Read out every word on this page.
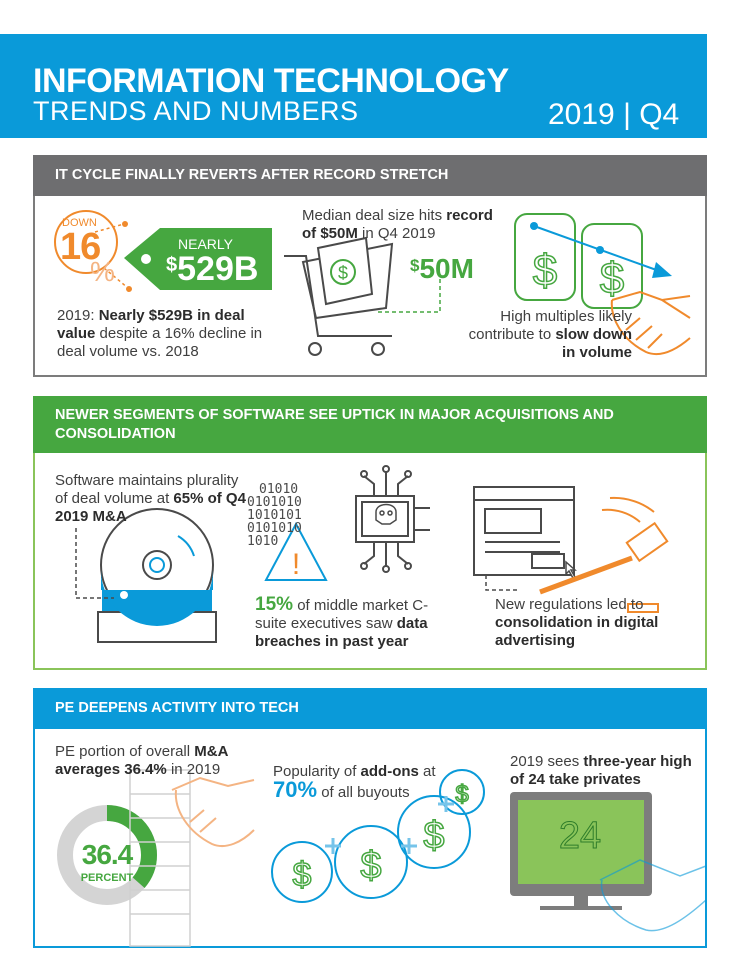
INFORMATION TECHNOLOGY
TRENDS AND NUMBERS	2019 | Q4
IT CYCLE FINALLY REVERTS AFTER RECORD STRETCH
NEWER SEGMENTS OF SOFTWARE SEE UPTICK IN MAJOR ACQUISITIONS AND CONSOLIDATION
PE DEEPENS ACTIVITY INTO TECH
$	$ $
!
$ $
$
$
DOWN
16
%
NEARLY
$529B
2019: Nearly $529B in deal value despite a 16% decline in deal volume vs. 2018
Median deal size hits record of $50M in Q4 2019
$50M
High multiples likely contribute to slow down in volume
Software maintains plurality of deal volume at 65% of Q4 2019 M&A
01010
0101010
1010101
0101010
1010
15% of middle market C-suite executives saw data breaches in past year
New regulations led to consolidation in digital advertising
PE portion of overall M&A averages 36.4% in 2019
36.4
PERCENT
Popularity of add-ons at 70% of all buyouts
2019 sees three-year high of 24 take privates
24
